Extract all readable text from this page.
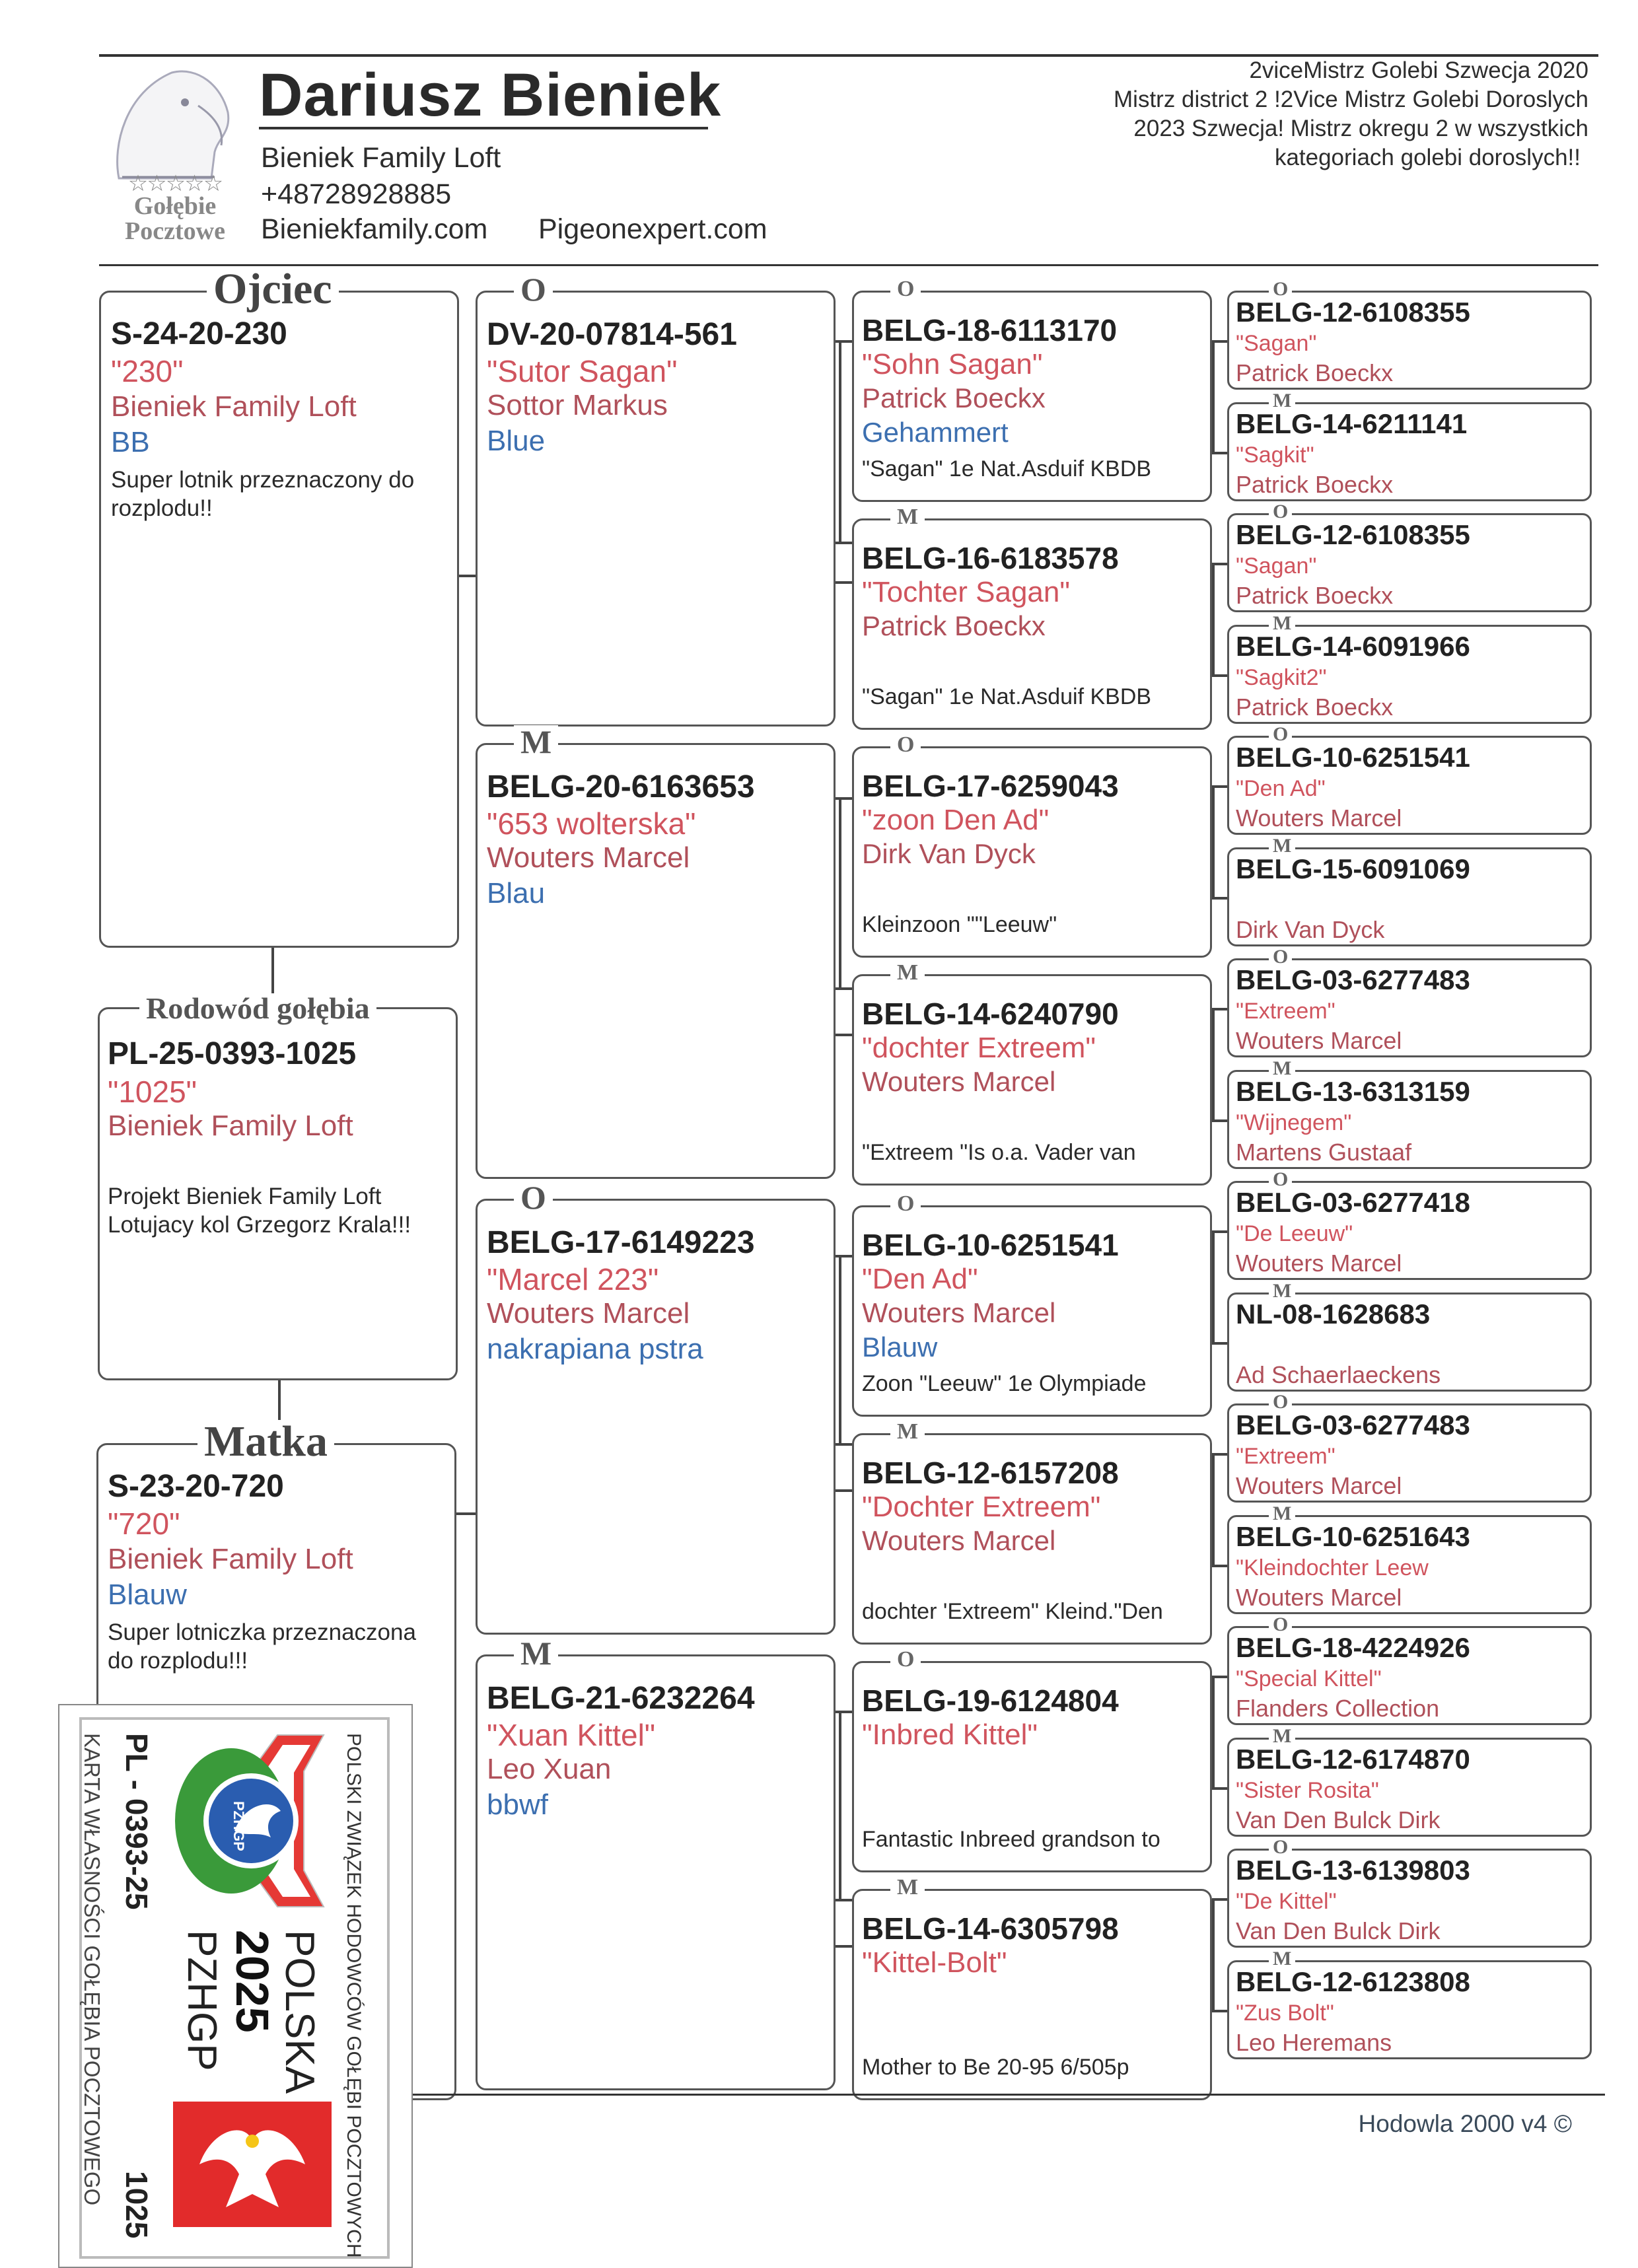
☆☆☆☆☆
Gołębie
Pocztowe
Dariusz Bieniek
Bieniek Family Loft
+48728928885
Bieniekfamily.com Pigeonexpert.com
2viceMistrz Golebi Szwecja 2020
Mistrz district 2 !2Vice Mistrz Golebi Doroslych
2023 Szwecja! Mistrz okregu 2 w wszystkich
kategoriach golebi doroslych!!
Ojciec
S-24-20-230
"230"
Bieniek Family Loft
BB
Super lotnik przeznaczony do rozplodu!!
Rodowód gołębia
PL-25-0393-1025
"1025"
Bieniek Family Loft
Projekt Bieniek Family Loft
Lotujacy kol Grzegorz Krala!!!
Matka
S-23-20-720
"720"
Bieniek Family Loft
Blauw
Super lotniczka przeznaczona do rozplodu!!!
O
DV-20-07814-561
"Sutor Sagan"
Sottor Markus
Blue
M
BELG-20-6163653
"653 wolterska"
Wouters Marcel
Blau
O
BELG-17-6149223
"Marcel 223"
Wouters Marcel
nakrapiana pstra
M
BELG-21-6232264
"Xuan Kittel"
Leo Xuan
bbwf
O
BELG-18-6113170
"Sohn Sagan"
Patrick Boeckx
Gehammert
"Sagan" 1e Nat.Asduif KBDB
M
BELG-16-6183578
"Tochter Sagan"
Patrick Boeckx
"Sagan" 1e Nat.Asduif KBDB
O
BELG-17-6259043
"zoon Den Ad"
Dirk Van Dyck
Kleinzoon ""Leeuw"
M
BELG-14-6240790
"dochter Extreem"
Wouters Marcel
"Extreem "Is o.a. Vader van
O
BELG-10-6251541
"Den Ad"
Wouters Marcel
Blauw
Zoon "Leeuw" 1e Olympiade
M
BELG-12-6157208
"Dochter Extreem"
Wouters Marcel
dochter 'Extreem" Kleind."Den
O
BELG-19-6124804
"Inbred Kittel"
Fantastic Inbreed grandson to
M
BELG-14-6305798
"Kittel-Bolt"
Mother to Be 20-95 6/505p
O
BELG-12-6108355
"Sagan"
Patrick Boeckx
M
BELG-14-6211141
"Sagkit"
Patrick Boeckx
O
BELG-12-6108355
"Sagan"
Patrick Boeckx
M
BELG-14-6091966
"Sagkit2"
Patrick Boeckx
O
BELG-10-6251541
"Den Ad"
Wouters Marcel
M
BELG-15-6091069
Dirk Van Dyck
O
BELG-03-6277483
"Extreem"
Wouters Marcel
M
BELG-13-6313159
"Wijnegem"
Martens Gustaaf
O
BELG-03-6277418
"De Leeuw"
Wouters Marcel
M
NL-08-1628683
Ad Schaerlaeckens
O
BELG-03-6277483
"Extreem"
Wouters Marcel
M
BELG-10-6251643
"Kleindochter Leew
Wouters Marcel
O
BELG-18-4224926
"Special Kittel"
Flanders Collection
M
BELG-12-6174870
"Sister Rosita"
Van Den Bulck Dirk
O
BELG-13-6139803
"De Kittel"
Van Den Bulck Dirk
M
BELG-12-6123808
"Zus Bolt"
Leo Heremans
Hodowla 2000 v4 ©
POLSKI ZWIĄZEK HODOWCÓW GOŁĘBI POCZTOWYCH
KARTA WŁASNOŚCI GOŁĘBIA POCZTOWEGO PL - 0393-25
1025
PZHGP
POLSKA
2025
PZHGP
